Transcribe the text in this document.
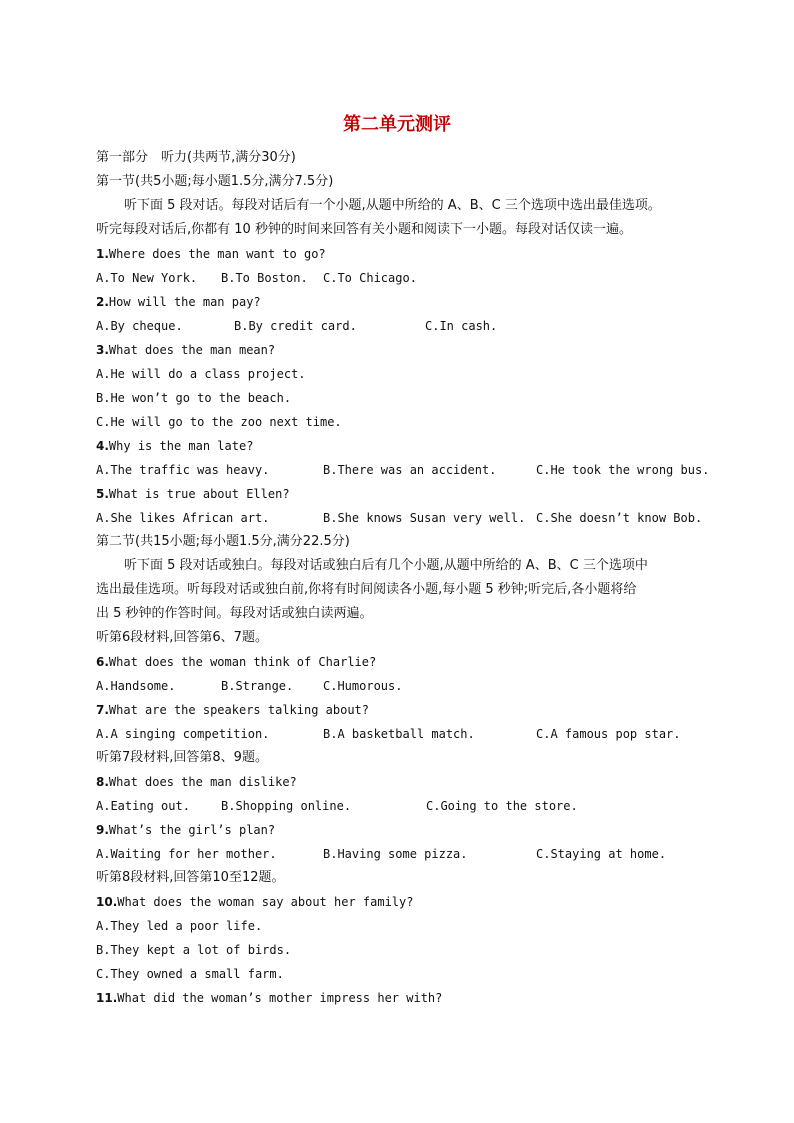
第二单元测评
第一部分　听力(共两节,满分30分)
第一节(共5小题;每小题1.5分,满分7.5分)
听下面 5 段对话。每段对话后有一个小题,从题中所给的 A、B、C 三个选项中选出最佳选项。
听完每段对话后,你都有 10 秒钟的时间来回答有关小题和阅读下一小题。每段对话仅读一遍。
1.Where does the man want to go?
A.To New York.	B.To Boston.	C.To Chicago.
2.How will the man pay?
A.By cheque.	B.By credit card.	C.In cash.
3.What does the man mean?
A.He will do a class project.
B.He won’t go to the beach.
C.He will go to the zoo next time.
4.Why is the man late?
A.The traffic was heavy.	B.There was an accident.	C.He took the wrong bus.
5.What is true about Ellen?
A.She likes African art.	B.She knows Susan very well. C.She doesn’t know Bob.
第二节(共15小题;每小题1.5分,满分22.5分)
听下面 5 段对话或独白。每段对话或独白后有几个小题,从题中所给的 A、B、C 三个选项中
选出最佳选项。听每段对话或独白前,你将有时间阅读各小题,每小题 5 秒钟;听完后,各小题将给
出 5 秒钟的作答时间。每段对话或独白读两遍。
听第6段材料,回答第6、7题。
6.What does the woman think of Charlie?
A.Handsome.	B.Strange.	C.Humorous.
7.What are the speakers talking about?
A.A singing competition.	B.A basketball match.	C.A famous pop star.
听第7段材料,回答第8、9题。
8.What does the man dislike?
A.Eating out.	B.Shopping online.	C.Going to the store.
9.What’s the girl’s plan?
A.Waiting for her mother.	B.Having some pizza.	C.Staying at home.
听第8段材料,回答第10至12题。
10.What does the woman say about her family?
A.They led a poor life.
B.They kept a lot of birds.
C.They owned a small farm.
11.What did the woman’s mother impress her with?
